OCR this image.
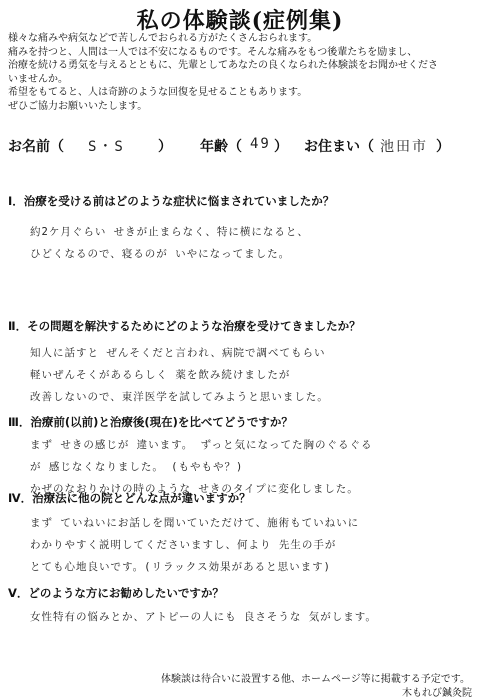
私の体験談(症例集)

様々な痛みや病気などで苦しんでおられる方がたくさんおられます。

痛みを持つと、人間は一人では不安になるものです。そんな痛みをもつ後輩たちを励まし、

治療を続ける勇気を与えるとともに、先輩としてあなたの良くなられた体験談をお聞かせくださ

いませんか。

希望をもてると、人は奇跡のような回復を見せることもあります。

ぜひご協力お願いいたします。

お名前（ S・S ） 年齢（ 49 ） お住まい（ 池田市 ）
Ⅰ．治療を受ける前はどのような症状に悩まされていましたか？
約2ケ月ぐらい せきが止まらなく、特に横になると、
ひどくなるので、寝るのが いやになってました。
Ⅱ．その問題を解決するためにどのような治療を受けてきましたか？
知人に話すと ぜんそくだと言われ、病院で調べてもらい
軽いぜんそくがあるらしく 薬を飲み続けましたが
改善しないので、東洋医学を試してみようと思いました。
Ⅲ．治療前(以前)と治療後(現在)を比べてどうですか？
まず せきの感じが 違います。 ずっと気になってた胸のぐるぐる
が 感じなくなりました。 (もやもや？)
かぜのなおりかけの時のような せきのタイプに変化しました。
Ⅳ．治療法に他の院とどんな点が違いますか？
まず ていねいにお話しを聞いていただけて、施術もていねいに
わかりやすく説明してくださいますし、何より 先生の手が
とても心地良いです。(リラックス効果があると思います)
Ⅴ．どのような方にお勧めしたいですか？
女性特有の悩みとか、アトピーの人にも 良さそうな 気がします。
体験談は待合いに設置する他、ホームページ等に掲載する予定です。
木もれび鍼灸院
